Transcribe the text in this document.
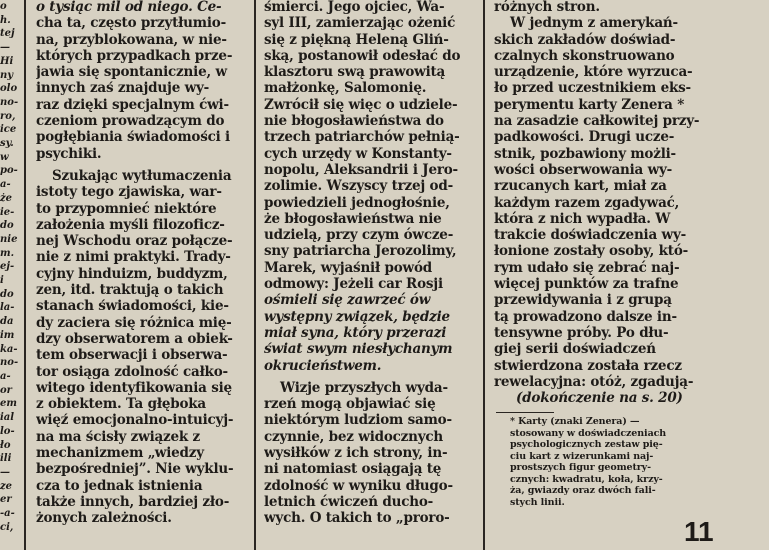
o
h.
tej
—
Hi
ny
olo
no-
ro,
ice
sy.
w
po-
a-
że
ie-
do
nie
m.
ej-
i
do
la-
da
im
ka-
no-
a-
or
em
ial
lo-
ło
ili
—
ze
er
-a-
ci,
o tysiąc mil od niego. Ce-
cha ta, często przytłumio-
na, przyblokowana, w nie-
których przypadkach prze-
jawia się spontanicznie, w
innych zaś znajduje wy-
raz dzięki specjalnym ćwi-
czeniom prowadzącym do
pogłębiania świadomości i
psychiki.
Szukając wytłumaczenia
istoty tego zjawiska, war-
to przypomnieć niektóre
założenia myśli filozoficz-
nej Wschodu oraz połącze-
nie z nimi praktyki. Trady-
cyjny hinduizm, buddyzm,
zen, itd. traktują o takich
stanach świadomości, kie-
dy zaciera się różnica mię-
dzy obserwatorem a obiek-
tem obserwacji i obserwa-
tor osiąga zdolność całko-
witego identyfikowania się
z obiektem. Ta głęboka
więź emocjonalno-intuicyj-
na ma ścisły związek z
mechanizmem „wiedzy
bezpośredniej”. Nie wyklu-
cza to jednak istnienia
także innych, bardziej zło-
żonych zależności.
śmierci. Jego ojciec, Wa-
syl III, zamierzając ożenić
się z piękną Heleną Gliń-
ską, postanowił odesłać do
klasztoru swą prawowitą
małżonkę, Salomonię.
Zwrócił się więc o udziele-
nie błogosławieństwa do
trzech patriarchów pełnią-
cych urzędy w Konstanty-
nopolu, Aleksandrii i Jero-
zolimie. Wszyscy trzej od-
powiedzieli jednogłośnie,
że błogosławieństwa nie
udzielą, przy czym ówcze-
sny patriarcha Jerozolimy,
Marek, wyjaśnił powód
odmowy: Jeżeli car Rosji
ośmieli się zawrzeć ów
występny związek, będzie
miał syna, który przerazi
świat swym niesłychanym
okrucieństwem.
Wizje przyszłych wyda-
rzeń mogą objawiać się
niektórym ludziom samo-
czynnie, bez widocznych
wysiłków z ich strony, in-
ni natomiast osiągają tę
zdolność w wyniku długo-
letnich ćwiczeń ducho-
wych. O takich to „proro-
różnych stron.
W jednym z amerykań-
skich zakładów doświad-
czalnych skonstruowano
urządzenie, które wyrzuca-
ło przed uczestnikiem eks-
perymentu karty Zenera *
na zasadzie całkowitej przy-
padkowości. Drugi ucze-
stnik, pozbawiony możli-
wości obserwowania wy-
rzucanych kart, miał za
każdym razem zgadywać,
która z nich wypadła. W
trakcie doświadczenia wy-
łonione zostały osoby, któ-
rym udało się zebrać naj-
więcej punktów za trafne
przewidywania i z grupą
tą prowadzono dalsze in-
tensywne próby. Po dłu-
giej serii doświadczeń
stwierdzona została rzecz
rewelacyjna: otóż, zgadują-
(dokończenie na s. 20)
* Karty (znaki Zenera) —
stosowany w doświadczeniach
psychologicznych zestaw pię-
ciu kart z wizerunkami naj-
prostszych figur geometry-
cznych: kwadratu, koła, krzy-
ża, gwiazdy oraz dwóch fali-
stych linii.
11
